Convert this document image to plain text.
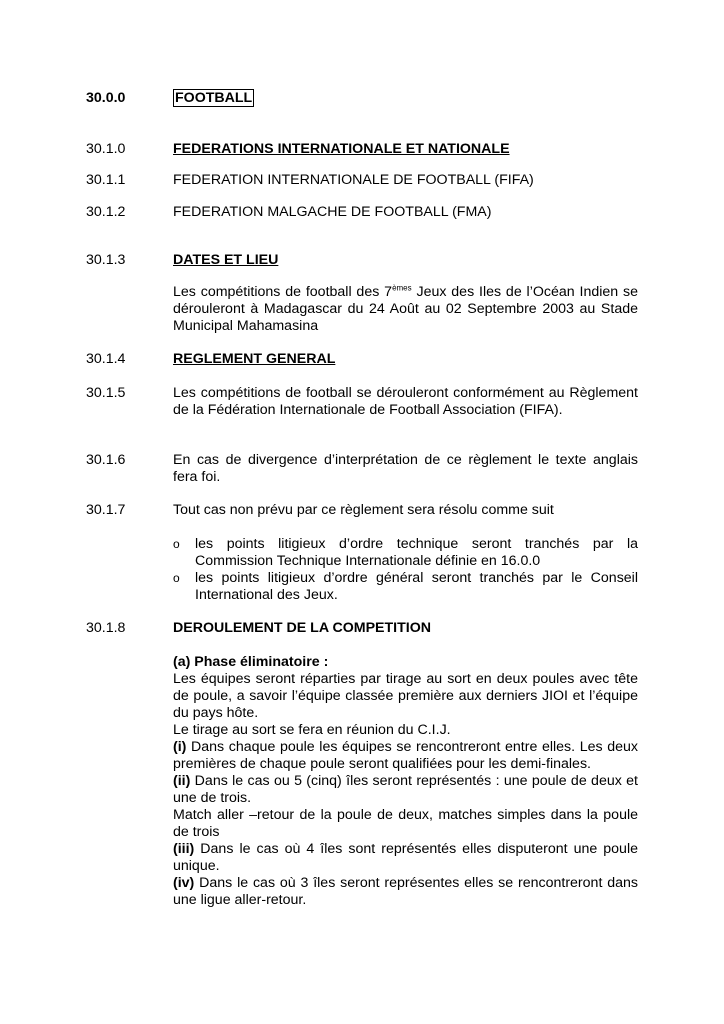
30.0.0	FOOTBALL
30.1.0	FEDERATIONS INTERNATIONALE ET NATIONALE
30.1.1	FEDERATION INTERNATIONALE DE FOOTBALL (FIFA)
30.1.2	FEDERATION MALGACHE DE FOOTBALL (FMA)
30.1.3	DATES ET LIEU
Les compétitions de football des 7èmes Jeux des Iles de l’Océan Indien se dérouleront à Madagascar du 24 Août au 02 Septembre 2003 au Stade Municipal Mahamasina
30.1.4	REGLEMENT GENERAL
30.1.5	Les compétitions de football se dérouleront conformément au Règlement de la Fédération Internationale de Football Association (FIFA).
30.1.6	En cas de divergence d’interprétation de ce règlement le texte anglais fera foi.
30.1.7	Tout cas non prévu par ce règlement sera résolu comme suit
o	les points litigieux d’ordre technique seront tranchés par la Commission Technique Internationale définie en 16.0.0
o	les points litigieux d’ordre général seront tranchés par le Conseil International des Jeux.
30.1.8	DEROULEMENT DE LA COMPETITION
(a) Phase éliminatoire :
Les équipes seront réparties par tirage au sort en deux poules avec tête de poule, a savoir l’équipe classée première aux derniers JIOI et l’équipe du pays hôte.
Le tirage au sort se fera en réunion du C.I.J.
(i) Dans chaque poule les équipes se rencontreront entre elles. Les deux premières de chaque poule seront qualifiées pour les demi-finales.
(ii) Dans le cas ou 5 (cinq) îles seront représentés : une poule de deux et une de trois.
Match aller –retour de la poule de deux, matches simples dans la poule de trois
(iii) Dans le cas où 4 îles sont représentés elles disputeront une poule unique.
(iv) Dans le cas où 3 îles seront représentes elles se rencontreront dans une ligue aller-retour.
